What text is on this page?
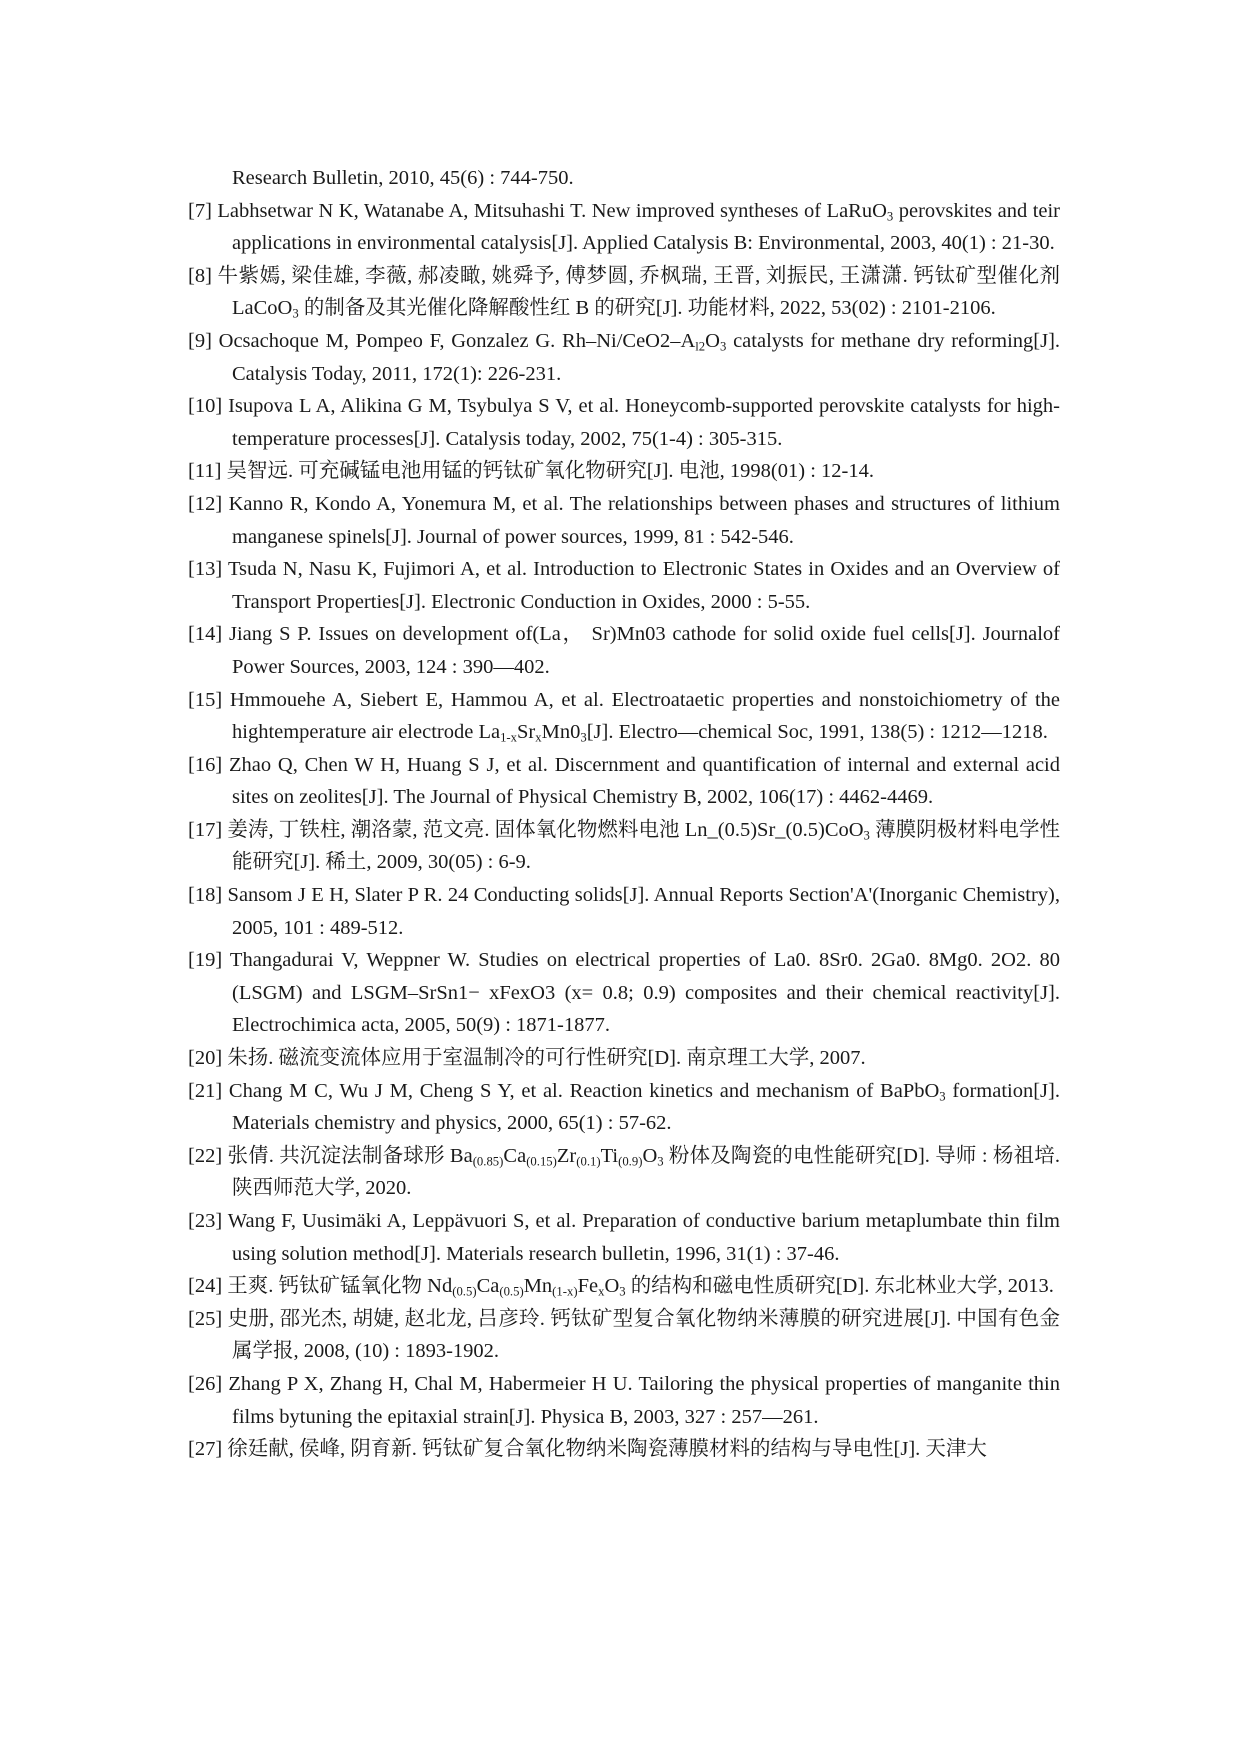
Research Bulletin, 2010, 45(6) : 744-750.
[7] Labhsetwar N K, Watanabe A, Mitsuhashi T. New improved syntheses of LaRuO$_3$ perovskites and teir applications in environmental catalysis[J]. Applied Catalysis B: Environmental, 2003, 40(1) : 21-30.
[8] 牛紫嫣, 梁佳雄, 李薇, 郝凌瞰, 姚舜予, 傅梦圆, 乔枫瑞, 王晋, 刘振民, 王潇潇. 钙钛矿型催化剂 LaCoO$_3$ 的制备及其光催化降解酸性红 B 的研究[J]. 功能材料, 2022, 53(02) : 2101-2106.
[9] Ocsachoque M, Pompeo F, Gonzalez G. $Rh-Ni/CeO2-A_{l2}O_3$ catalysts for methane dry reforming[J]. Catalysis Today, 2011, 172(1): 226-231.
[10] Isupova L A, Alikina G M, Tsybulya S V, et al. Honeycomb-supported perovskite catalysts for high-temperature processes[J]. Catalysis today, 2002, 75(1-4) : 305-315.
[11] 吴智远. 可充碱锰电池用锰的钙钛矿氧化物研究[J]. 电池, 1998(01) : 12-14.
[12] Kanno R, Kondo A, Yonemura M, et al. The relationships between phases and structures of lithium manganese spinels[J]. Journal of power sources, 1999, 81 : 542-546.
[13] Tsuda N, Nasu K, Fujimori A, et al. Introduction to Electronic States in Oxides and an Overview of Transport Properties[J]. Electronic Conduction in Oxides, 2000 : 5-55.
[14] Jiang S P. Issues on development of(La， Sr)Mn03 cathode for solid oxide fuel cells[J]. Journalof Power Sources, 2003, 124 : 390—402.
[15] Hmmouehe A, Siebert E, Hammou A, et al. Electroataetic properties and nonstoichiometry of the hightemperature air electrode $La_{1-x}Sr_xMn0_3[J]$. Electro—chemical Soc, 1991, 138(5) : 1212—1218.
[16] Zhao Q, Chen W H, Huang S J, et al. Discernment and quantification of internal and external acid sites on zeolites[J]. The Journal of Physical Chemistry B, 2002, 106(17) : 4462-4469.
[17] 姜涛, 丁铁柱, 潮洛蒙, 范文亮. 固体氧化物燃料电池 Ln_(0.5)Sr_(0.5)CoO$_3$ 薄膜阴极材料电学性能研究[J]. 稀土, 2009, 30(05) : 6-9.
[18] Sansom J E H, Slater P R. 24 Conducting solids[J]. Annual Reports Section'A'(Inorganic Chemistry), 2005, 101 : 489-512.
[19] Thangadurai V, Weppner W. Studies on electrical properties of La0. 8Sr0. 2Ga0. 8Mg0. 2O2. 80 (LSGM) and LSGM–SrSn1− xFexO3 (x= 0.8; 0.9) composites and their chemical reactivity[J]. Electrochimica acta, 2005, 50(9) : 1871-1877.
[20] 朱扬. 磁流变流体应用于室温制冷的可行性研究[D]. 南京理工大学, 2007.
[21] Chang M C, Wu J M, Cheng S Y, et al. Reaction kinetics and mechanism of BaPbO$_3$ formation[J]. Materials chemistry and physics, 2000, 65(1) : 57-62.
[22] 张倩. 共沉淀法制备球形 $Ba_{(0.85)}Ca_{(0.15)}Zr_{(0.1)}Ti_{(0.9)}O_3$ 粉体及陶瓷的电性能研究[D]. 导师 : 杨祖培. 陕西师范大学, 2020.
[23] Wang F, Uusimäki A, Leppävuori S, et al. Preparation of conductive barium metaplumbate thin film using solution method[J]. Materials research bulletin, 1996, 31(1) : 37-46.
[24] 王爽. 钙钛矿锰氧化物 $Nd_{(0.5)}Ca_{(0.5)}Mn_{(1-x)}Fe_xO_3$ 的结构和磁电性质研究[D]. 东北林业大学, 2013.
[25] 史册, 邵光杰, 胡婕, 赵北龙, 吕彦玲. 钙钛矿型复合氧化物纳米薄膜的研究进展[J]. 中国有色金属学报, 2008, (10) : 1893-1902.
[26] Zhang P X, Zhang H, Chal M, Habermeier H U. Tailoring the physical properties of manganite thin films bytuning the epitaxial strain[J]. Physica B, 2003, 327 : 257—261.
[27] 徐廷献, 侯峰, 阴育新. 钙钛矿复合氧化物纳米陶瓷薄膜材料的结构与导电性[J]. 天津大
